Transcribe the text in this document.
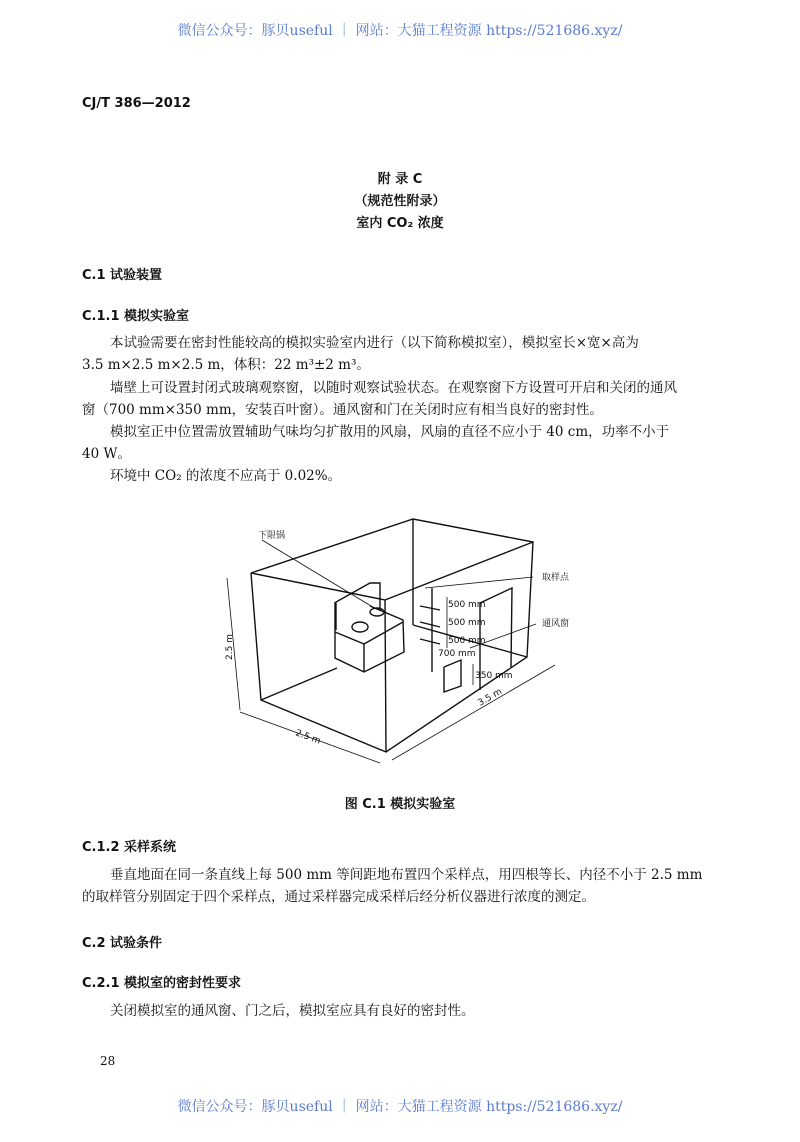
微信公众号：豚贝useful ｜ 网站：大猫工程资源 https://521686.xyz/
CJ/T 386—2012
附 录 C
（规范性附录）
室内 CO₂ 浓度
C.1 试验装置
C.1.1 模拟实验室
本试验需要在密封性能较高的模拟实验室内进行（以下简称模拟室），模拟室长×宽×高为
3.5 m×2.5 m×2.5 m，体积：22 m³±2 m³。
墙壁上可设置封闭式玻璃观察窗，以随时观察试验状态。在观察窗下方设置可开启和关闭的通风
窗（700 mm×350 mm，安装百叶窗）。通风窗和门在关闭时应有相当良好的密封性。
模拟室正中位置需放置辅助气味均匀扩散用的风扇，风扇的直径不应小于 40 cm，功率不小于
40 W。
环境中 CO₂ 的浓度不应高于 0.02%。
下限锅
取样点
通风窗
500 mm
500 mm
500 mm
700 mm
350 mm
2.5 m
2.5 m
3.5 m
图 C.1 模拟实验室
C.1.2 采样系统
垂直地面在同一条直线上每 500 mm 等间距地布置四个采样点，用四根等长、内径不小于 2.5 mm
的取样管分别固定于四个采样点，通过采样器完成采样后经分析仪器进行浓度的测定。
C.2 试验条件
C.2.1 模拟室的密封性要求
关闭模拟室的通风窗、门之后，模拟室应具有良好的密封性。
28
微信公众号：豚贝useful ｜ 网站：大猫工程资源 https://521686.xyz/
